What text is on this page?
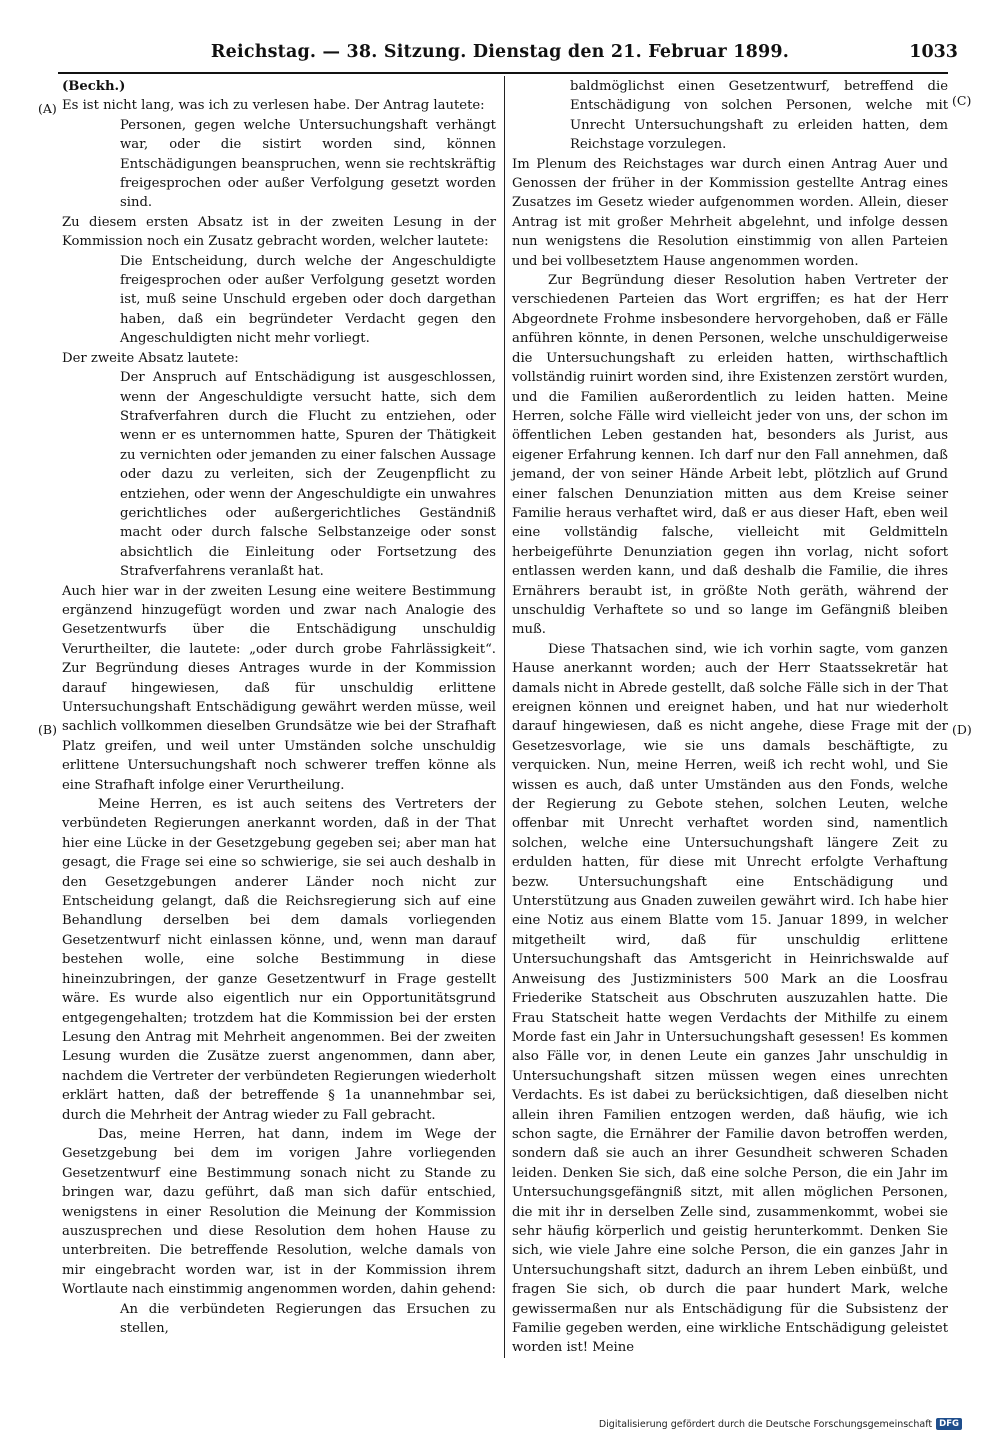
Reichstag. — 38. Sitzung. Dienstag den 21. Februar 1899.	1033
(A)
(B)
(C)
(D)

(Beckh.)

Es ist nicht lang, was ich zu verlesen habe. Der Antrag lautete:

Personen, gegen welche Untersuchungshaft verhängt war, oder die sistirt worden sind, können Entschädigungen beanspruchen, wenn sie rechtskräftig freigesprochen oder außer Verfolgung gesetzt worden sind.

Zu diesem ersten Absatz ist in der zweiten Lesung in der Kommission noch ein Zusatz gebracht worden, welcher lautete:

Die Entscheidung, durch welche der Angeschuldigte freigesprochen oder außer Verfolgung gesetzt worden ist, muß seine Unschuld ergeben oder doch dargethan haben, daß ein begründeter Verdacht gegen den Angeschuldigten nicht mehr vorliegt.

Der zweite Absatz lautete:

Der Anspruch auf Entschädigung ist ausgeschlossen, wenn der Angeschuldigte versucht hatte, sich dem Strafverfahren durch die Flucht zu entziehen, oder wenn er es unternommen hatte, Spuren der Thätigkeit zu vernichten oder jemanden zu einer falschen Aussage oder dazu zu verleiten, sich der Zeugenpflicht zu entziehen, oder wenn der Angeschuldigte ein unwahres gerichtliches oder außergerichtliches Geständniß macht oder durch falsche Selbstanzeige oder sonst absichtlich die Einleitung oder Fortsetzung des Strafverfahrens veranlaßt hat.

Auch hier war in der zweiten Lesung eine weitere Bestimmung ergänzend hinzugefügt worden und zwar nach Analogie des Gesetzentwurfs über die Entschädigung unschuldig Verurtheilter, die lautete: „oder durch grobe Fahrlässigkeit“. Zur Begründung dieses Antrages wurde in der Kommission darauf hingewiesen, daß für unschuldig erlittene Untersuchungshaft Entschädigung gewährt werden müsse, weil sachlich vollkommen dieselben Grundsätze wie bei der Strafhaft Platz greifen, und weil unter Umständen solche unschuldig erlittene Untersuchungshaft noch schwerer treffen könne als eine Strafhaft infolge einer Verurtheilung.

Meine Herren, es ist auch seitens des Vertreters der verbündeten Regierungen anerkannt worden, daß in der That hier eine Lücke in der Gesetzgebung gegeben sei; aber man hat gesagt, die Frage sei eine so schwierige, sie sei auch deshalb in den Gesetzgebungen anderer Länder noch nicht zur Entscheidung gelangt, daß die Reichsregierung sich auf eine Behandlung derselben bei dem damals vorliegenden Gesetzentwurf nicht einlassen könne, und, wenn man darauf bestehen wolle, eine solche Bestimmung in diese hineinzubringen, der ganze Gesetzentwurf in Frage gestellt wäre. Es wurde also eigentlich nur ein Opportunitätsgrund entgegengehalten; trotzdem hat die Kommission bei der ersten Lesung den Antrag mit Mehrheit angenommen. Bei der zweiten Lesung wurden die Zusätze zuerst angenommen, dann aber, nachdem die Vertreter der verbündeten Regierungen wiederholt erklärt hatten, daß der betreffende § 1a unannehmbar sei, durch die Mehrheit der Antrag wieder zu Fall gebracht.

Das, meine Herren, hat dann, indem im Wege der Gesetzgebung bei dem im vorigen Jahre vorliegenden Gesetzentwurf eine Bestimmung sonach nicht zu Stande zu bringen war, dazu geführt, daß man sich dafür entschied, wenigstens in einer Resolution die Meinung der Kommission auszusprechen und diese Resolution dem hohen Hause zu unterbreiten. Die betreffende Resolution, welche damals von mir eingebracht worden war, ist in der Kommission ihrem Wortlaute nach einstimmig angenommen worden, dahin gehend:

An die verbündeten Regierungen das Ersuchen zu stellen,

baldmöglichst einen Gesetzentwurf, betreffend die Entschädigung von solchen Personen, welche mit Unrecht Untersuchungshaft zu erleiden hatten, dem Reichstage vorzulegen.

Im Plenum des Reichstages war durch einen Antrag Auer und Genossen der früher in der Kommission gestellte Antrag eines Zusatzes im Gesetz wieder aufgenommen worden. Allein, dieser Antrag ist mit großer Mehrheit abgelehnt, und infolge dessen nun wenigstens die Resolution einstimmig von allen Parteien und bei vollbesetztem Hause angenommen worden.

Zur Begründung dieser Resolution haben Vertreter der verschiedenen Parteien das Wort ergriffen; es hat der Herr Abgeordnete Frohme insbesondere hervorgehoben, daß er Fälle anführen könnte, in denen Personen, welche unschuldigerweise die Untersuchungshaft zu erleiden hatten, wirthschaftlich vollständig ruinirt worden sind, ihre Existenzen zerstört wurden, und die Familien außerordentlich zu leiden hatten. Meine Herren, solche Fälle wird vielleicht jeder von uns, der schon im öffentlichen Leben gestanden hat, besonders als Jurist, aus eigener Erfahrung kennen. Ich darf nur den Fall annehmen, daß jemand, der von seiner Hände Arbeit lebt, plötzlich auf Grund einer falschen Denunziation mitten aus dem Kreise seiner Familie heraus verhaftet wird, daß er aus dieser Haft, eben weil eine vollständig falsche, vielleicht mit Geldmitteln herbeigeführte Denunziation gegen ihn vorlag, nicht sofort entlassen werden kann, und daß deshalb die Familie, die ihres Ernährers beraubt ist, in größte Noth geräth, während der unschuldig Verhaftete so und so lange im Gefängniß bleiben muß.

Diese Thatsachen sind, wie ich vorhin sagte, vom ganzen Hause anerkannt worden; auch der Herr Staatssekretär hat damals nicht in Abrede gestellt, daß solche Fälle sich in der That ereignen können und ereignet haben, und hat nur wiederholt darauf hingewiesen, daß es nicht angehe, diese Frage mit der Gesetzesvorlage, wie sie uns damals beschäftigte, zu verquicken. Nun, meine Herren, weiß ich recht wohl, und Sie wissen es auch, daß unter Umständen aus den Fonds, welche der Regierung zu Gebote stehen, solchen Leuten, welche offenbar mit Unrecht verhaftet worden sind, namentlich solchen, welche eine Untersuchungshaft längere Zeit zu erdulden hatten, für diese mit Unrecht erfolgte Verhaftung bezw. Untersuchungshaft eine Entschädigung und Unterstützung aus Gnaden zuweilen gewährt wird. Ich habe hier eine Notiz aus einem Blatte vom 15. Januar 1899, in welcher mitgetheilt wird, daß für unschuldig erlittene Untersuchungshaft das Amtsgericht in Heinrichswalde auf Anweisung des Justizministers 500 Mark an die Loosfrau Friederike Statscheit aus Obschruten auszuzahlen hatte. Die Frau Statscheit hatte wegen Verdachts der Mithilfe zu einem Morde fast ein Jahr in Untersuchungshaft gesessen! Es kommen also Fälle vor, in denen Leute ein ganzes Jahr unschuldig in Untersuchungshaft sitzen müssen wegen eines unrechten Verdachts. Es ist dabei zu berücksichtigen, daß dieselben nicht allein ihren Familien entzogen werden, daß häufig, wie ich schon sagte, die Ernährer der Familie davon betroffen werden, sondern daß sie auch an ihrer Gesundheit schweren Schaden leiden. Denken Sie sich, daß eine solche Person, die ein Jahr im Untersuchungsgefängniß sitzt, mit allen möglichen Personen, die mit ihr in derselben Zelle sind, zusammenkommt, wobei sie sehr häufig körperlich und geistig herunterkommt. Denken Sie sich, wie viele Jahre eine solche Person, die ein ganzes Jahr in Untersuchungshaft sitzt, dadurch an ihrem Leben einbüßt, und fragen Sie sich, ob durch die paar hundert Mark, welche gewissermaßen nur als Entschädigung für die Subsistenz der Familie gegeben werden, eine wirkliche Entschädigung geleistet worden ist! Meine

Digitalisierung gefördert durch die Deutsche Forschungsgemeinschaft DFG
